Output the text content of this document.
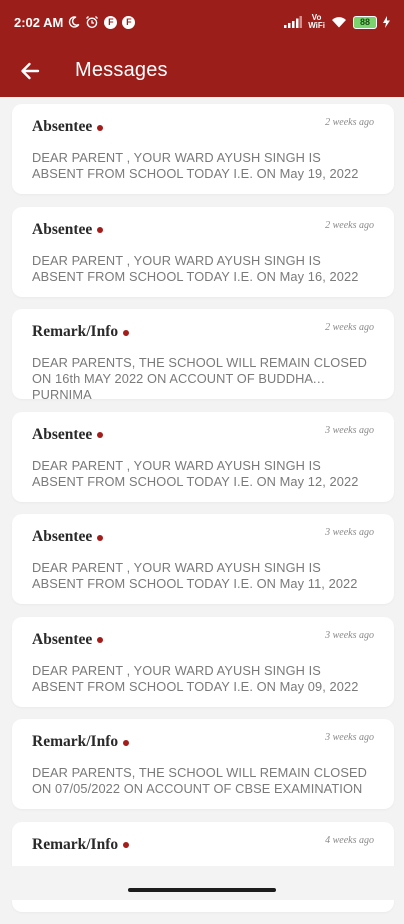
2:02 AM	F	F	Vo
WiFi	88
Messages
Absentee	2 weeks ago
DEAR PARENT , YOUR WARD AYUSH SINGH IS ABSENT FROM SCHOOL TODAY I.E. ON May 19, 2022
Absentee	2 weeks ago
DEAR PARENT , YOUR WARD AYUSH SINGH IS ABSENT FROM SCHOOL TODAY I.E. ON May 16, 2022
Remark/Info	2 weeks ago
DEAR PARENTS, THE SCHOOL WILL REMAIN CLOSED ON 16th MAY 2022 ON ACCOUNT OF BUDDHA PURNIMA
Absentee	3 weeks ago
DEAR PARENT , YOUR WARD AYUSH SINGH IS ABSENT FROM SCHOOL TODAY I.E. ON May 12, 2022
Absentee	3 weeks ago
DEAR PARENT , YOUR WARD AYUSH SINGH IS ABSENT FROM SCHOOL TODAY I.E. ON May 11, 2022
Absentee	3 weeks ago
DEAR PARENT , YOUR WARD AYUSH SINGH IS ABSENT FROM SCHOOL TODAY I.E. ON May 09, 2022
Remark/Info	3 weeks ago
DEAR PARENTS, THE SCHOOL WILL REMAIN CLOSED ON 07/05/2022 ON ACCOUNT OF CBSE EXAMINATION
Remark/Info	4 weeks ago
